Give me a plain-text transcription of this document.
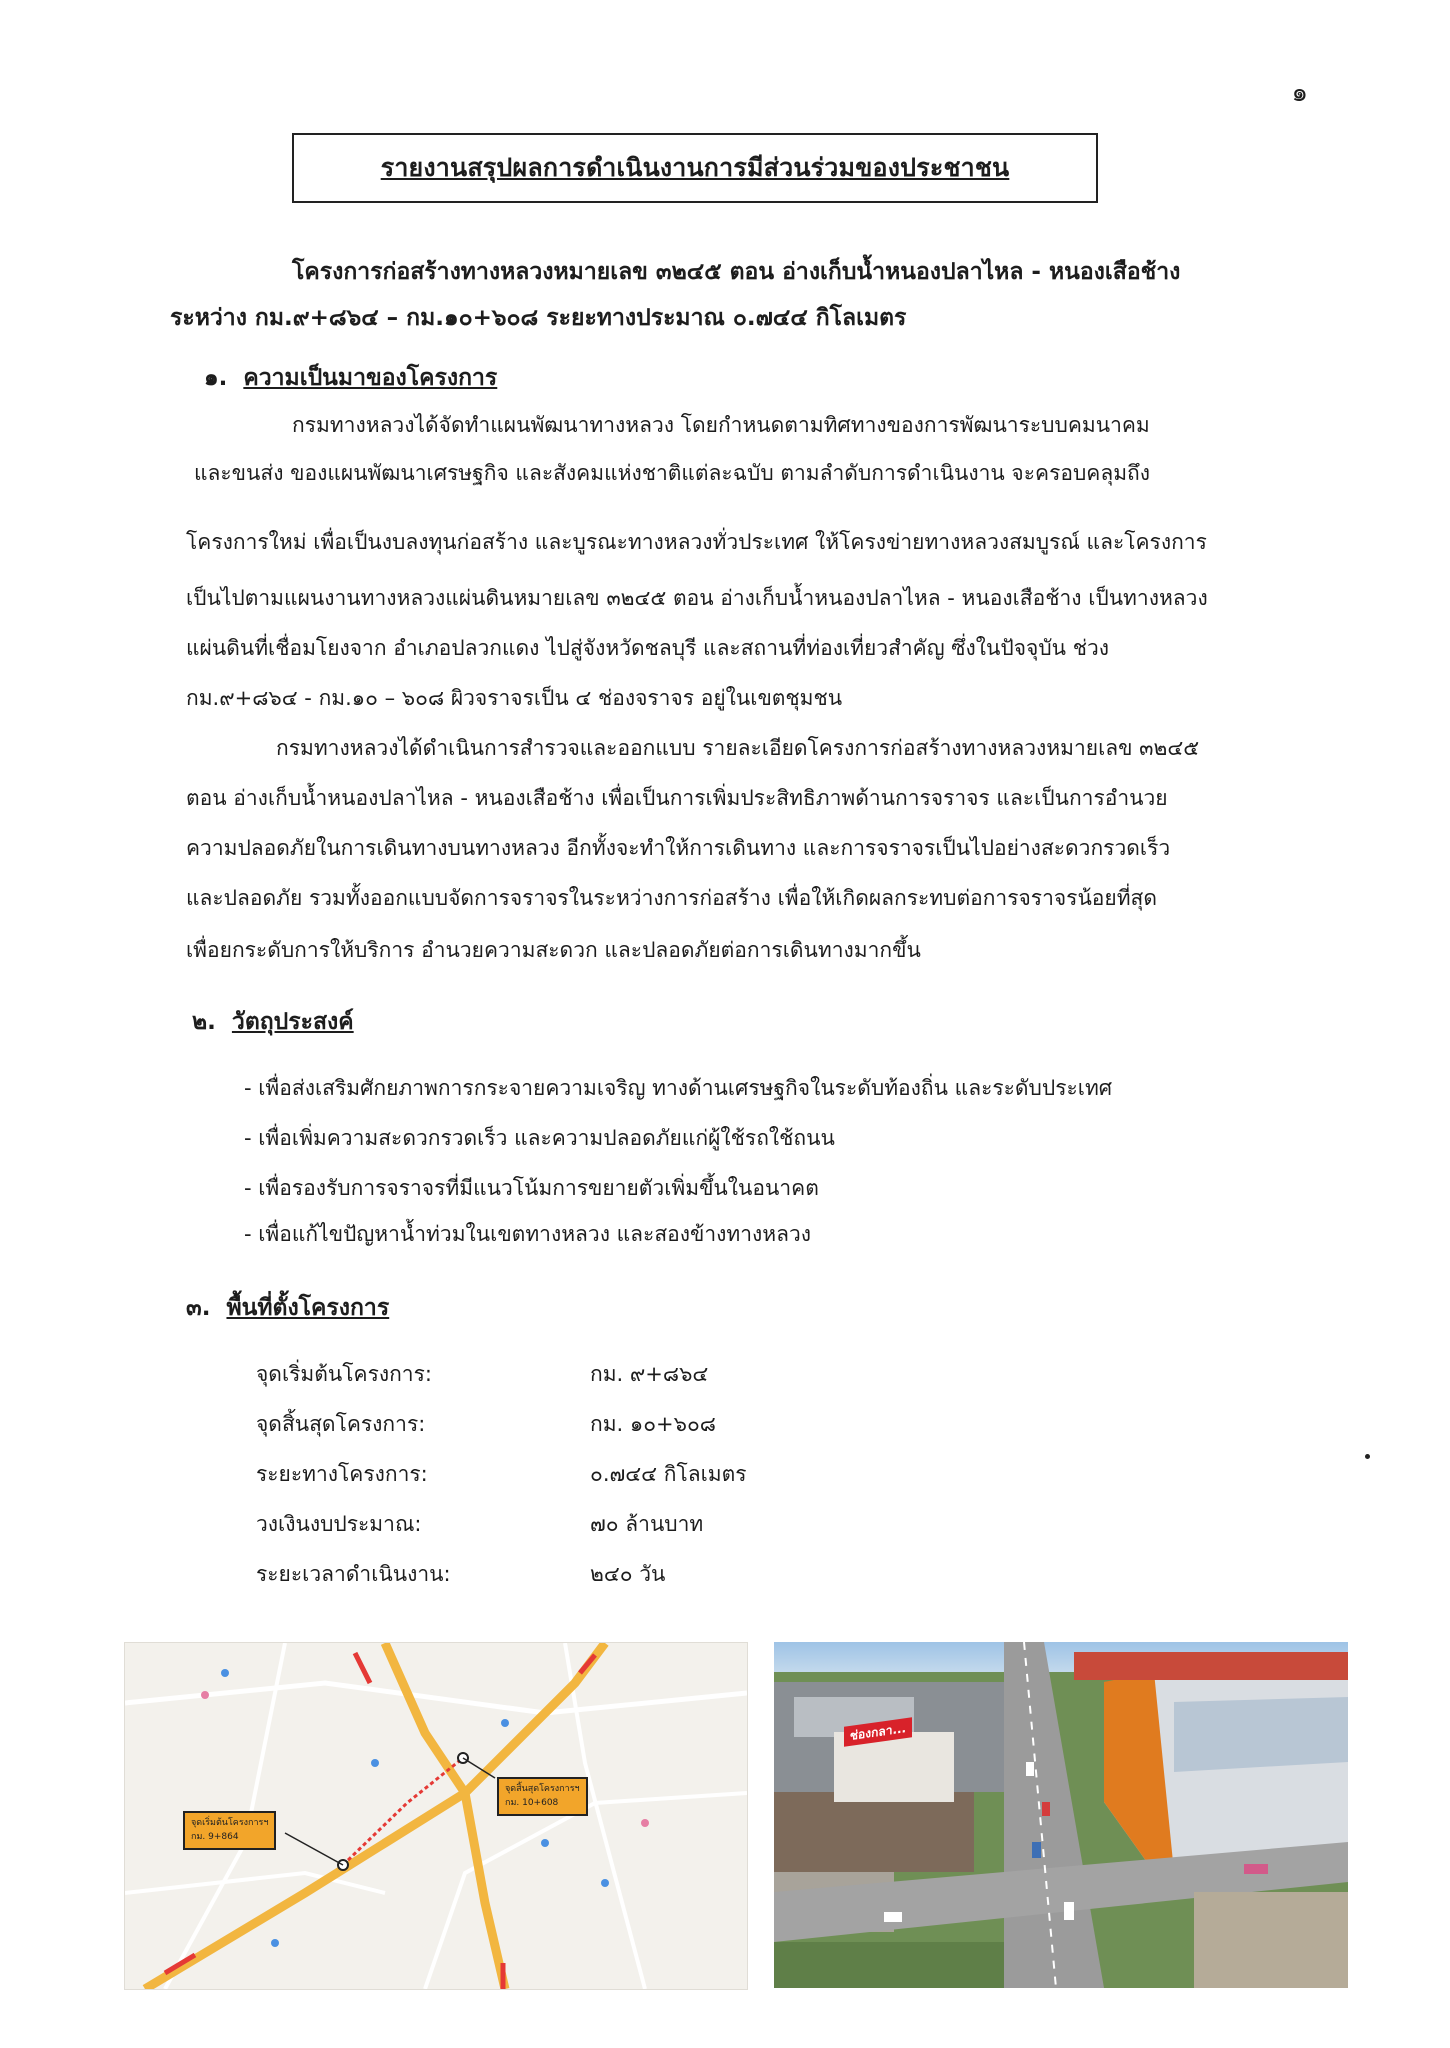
๑
รายงานสรุปผลการดำเนินงานการมีส่วนร่วมของประชาชน
โครงการก่อสร้างทางหลวงหมายเลข ๓๒๔๕ ตอน อ่างเก็บน้ำหนองปลาไหล - หนองเสือช้าง
ระหว่าง กม.๙+๘๖๔ – กม.๑๐+๖๐๘ ระยะทางประมาณ ๐.๗๔๔ กิโลเมตร
๑. ความเป็นมาของโครงการ
กรมทางหลวงได้จัดทำแผนพัฒนาทางหลวง โดยกำหนดตามทิศทางของการพัฒนาระบบคมนาคม
และขนส่ง ของแผนพัฒนาเศรษฐกิจ และสังคมแห่งชาติแต่ละฉบับ ตามลำดับการดำเนินงาน จะครอบคลุมถึง
โครงการใหม่ เพื่อเป็นงบลงทุนก่อสร้าง และบูรณะทางหลวงทั่วประเทศ ให้โครงข่ายทางหลวงสมบูรณ์ และโครงการ
เป็นไปตามแผนงานทางหลวงแผ่นดินหมายเลข ๓๒๔๕ ตอน อ่างเก็บน้ำหนองปลาไหล - หนองเสือช้าง เป็นทางหลวง
แผ่นดินที่เชื่อมโยงจาก อำเภอปลวกแดง ไปสู่จังหวัดชลบุรี และสถานที่ท่องเที่ยวสำคัญ ซึ่งในปัจจุบัน ช่วง
กม.๙+๘๖๔ - กม.๑๐ – ๖๐๘ ผิวจราจรเป็น ๔ ช่องจราจร อยู่ในเขตชุมชน
กรมทางหลวงได้ดำเนินการสำรวจและออกแบบ รายละเอียดโครงการก่อสร้างทางหลวงหมายเลข ๓๒๔๕
ตอน อ่างเก็บน้ำหนองปลาไหล - หนองเสือช้าง เพื่อเป็นการเพิ่มประสิทธิภาพด้านการจราจร และเป็นการอำนวย
ความปลอดภัยในการเดินทางบนทางหลวง อีกทั้งจะทำให้การเดินทาง และการจราจรเป็นไปอย่างสะดวกรวดเร็ว
และปลอดภัย รวมทั้งออกแบบจัดการจราจรในระหว่างการก่อสร้าง เพื่อให้เกิดผลกระทบต่อการจราจรน้อยที่สุด
เพื่อยกระดับการให้บริการ อำนวยความสะดวก และปลอดภัยต่อการเดินทางมากขึ้น
๒. วัตถุประสงค์
- เพื่อส่งเสริมศักยภาพการกระจายความเจริญ ทางด้านเศรษฐกิจในระดับท้องถิ่น และระดับประเทศ
- เพื่อเพิ่มความสะดวกรวดเร็ว และความปลอดภัยแก่ผู้ใช้รถใช้ถนน
- เพื่อรองรับการจราจรที่มีแนวโน้มการขยายตัวเพิ่มขึ้นในอนาคต
- เพื่อแก้ไขปัญหาน้ำท่วมในเขตทางหลวง และสองข้างทางหลวง
๓. พื้นที่ตั้งโครงการ
จุดเริ่มต้นโครงการ:	กม. ๙+๘๖๔
จุดสิ้นสุดโครงการ:	กม. ๑๐+๖๐๘
ระยะทางโครงการ:	๐.๗๔๔ กิโลเมตร
วงเงินงบประมาณ:	๗๐ ล้านบาท
ระยะเวลาดำเนินงาน:	๒๔๐ วัน
จุดเริ่มต้นโครงการฯ
กม. 9+864
จุดสิ้นสุดโครงการฯ
กม. 10+608
ช่องกลา...
